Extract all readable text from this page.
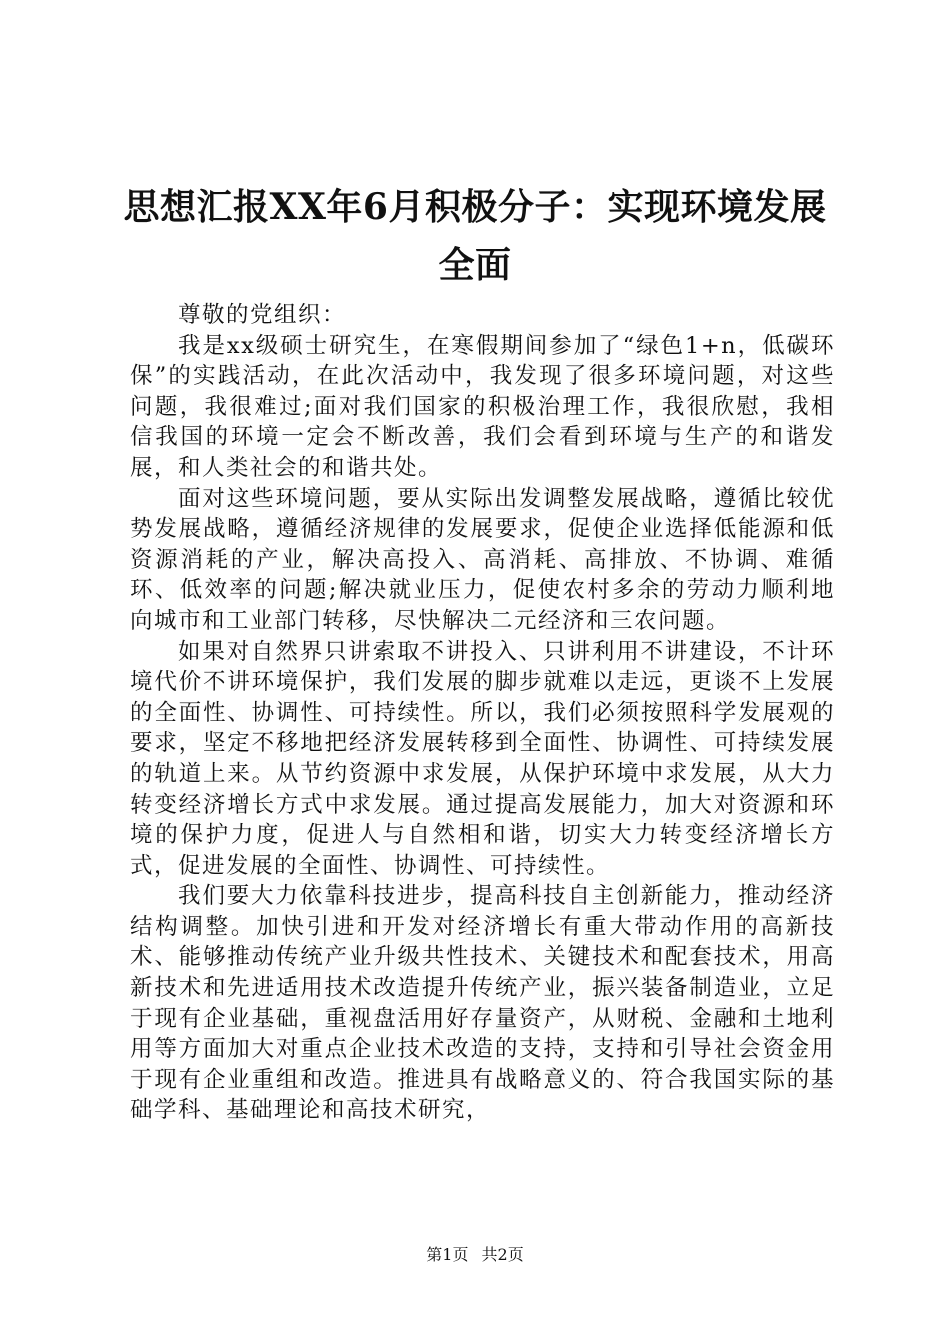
思想汇报XX年6月积极分子：实现环境发展全面

尊敬的党组织：

我是xx级硕士研究生，在寒假期间参加了“绿色1+n，低碳环保”的实践活动，在此次活动中，我发现了很多环境问题，对这些问题，我很难过;面对我们国家的积极治理工作，我很欣慰，我相信我国的环境一定会不断改善，我们会看到环境与生产的和谐发展，和人类社会的和谐共处。

面对这些环境问题，要从实际出发调整发展战略，遵循比较优势发展战略，遵循经济规律的发展要求，促使企业选择低能源和低资源消耗的产业，解决高投入、高消耗、高排放、不协调、难循环、低效率的问题;解决就业压力，促使农村多余的劳动力顺利地向城市和工业部门转移，尽快解决二元经济和三农问题。

如果对自然界只讲索取不讲投入、只讲利用不讲建设，不计环境代价不讲环境保护，我们发展的脚步就难以走远，更谈不上发展的全面性、协调性、可持续性。所以，我们必须按照科学发展观的要求，坚定不移地把经济发展转移到全面性、协调性、可持续发展的轨道上来。从节约资源中求发展，从保护环境中求发展，从大力转变经济增长方式中求发展。通过提高发展能力，加大对资源和环境的保护力度，促进人与自然相和谐，切实大力转变经济增长方式，促进发展的全面性、协调性、可持续性。

我们要大力依靠科技进步，提高科技自主创新能力，推动经济结构调整。加快引进和开发对经济增长有重大带动作用的高新技术、能够推动传统产业升级共性技术、关键技术和配套技术，用高新技术和先进适用技术改造提升传统产业，振兴装备制造业，立足于现有企业基础，重视盘活用好存量资产，从财税、金融和土地利用等方面加大对重点企业技术改造的支持，支持和引导社会资金用于现有企业重组和改造。推进具有战略意义的、符合我国实际的基础学科、基础理论和高技术研究，

第1页 共2页
